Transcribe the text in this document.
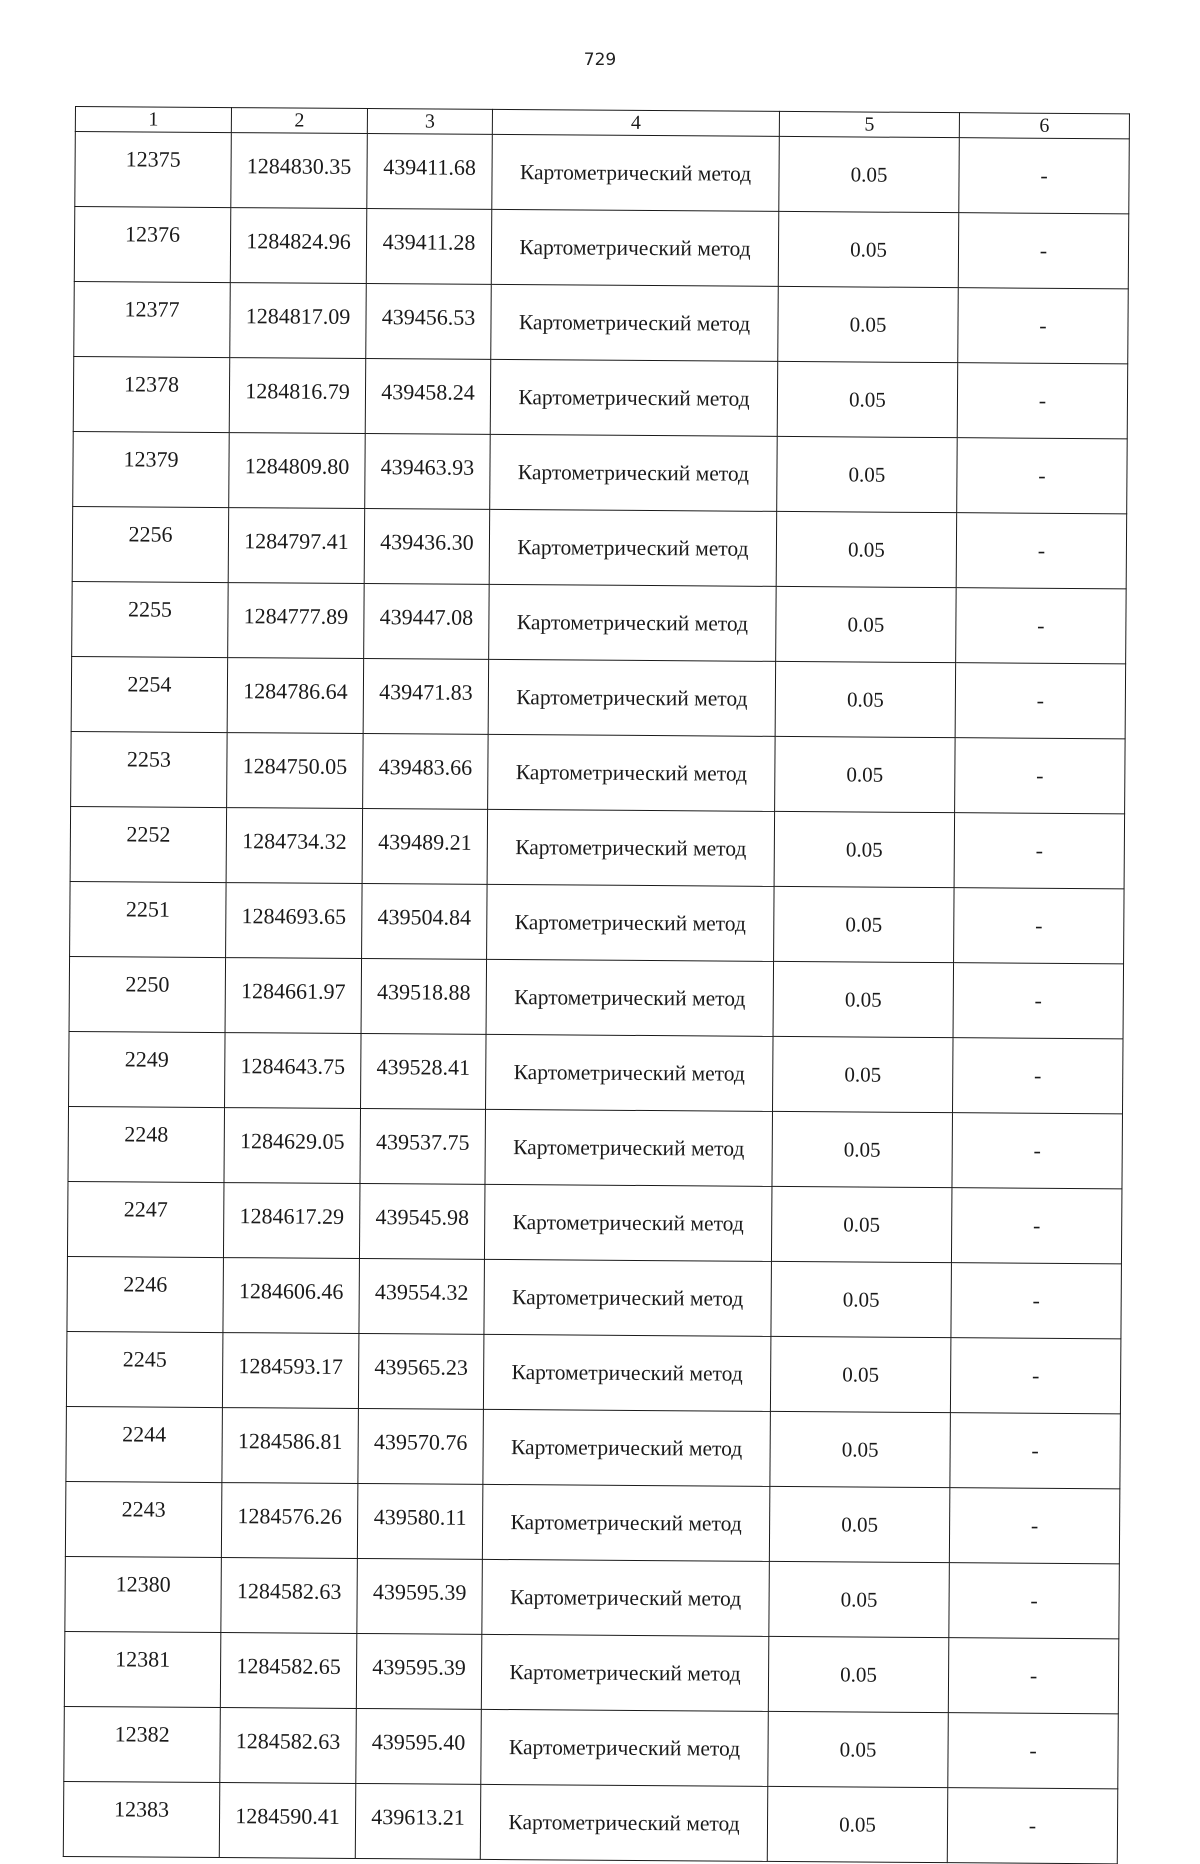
729
1	2	3	4	5	6
12375	1284830.35	439411.68	Картометрический метод	0.05	-
12376	1284824.96	439411.28	Картометрический метод	0.05	-
12377	1284817.09	439456.53	Картометрический метод	0.05	-
12378	1284816.79	439458.24	Картометрический метод	0.05	-
12379	1284809.80	439463.93	Картометрический метод	0.05	-
2256	1284797.41	439436.30	Картометрический метод	0.05	-
2255	1284777.89	439447.08	Картометрический метод	0.05	-
2254	1284786.64	439471.83	Картометрический метод	0.05	-
2253	1284750.05	439483.66	Картометрический метод	0.05	-
2252	1284734.32	439489.21	Картометрический метод	0.05	-
2251	1284693.65	439504.84	Картометрический метод	0.05	-
2250	1284661.97	439518.88	Картометрический метод	0.05	-
2249	1284643.75	439528.41	Картометрический метод	0.05	-
2248	1284629.05	439537.75	Картометрический метод	0.05	-
2247	1284617.29	439545.98	Картометрический метод	0.05	-
2246	1284606.46	439554.32	Картометрический метод	0.05	-
2245	1284593.17	439565.23	Картометрический метод	0.05	-
2244	1284586.81	439570.76	Картометрический метод	0.05	-
2243	1284576.26	439580.11	Картометрический метод	0.05	-
12380	1284582.63	439595.39	Картометрический метод	0.05	-
12381	1284582.65	439595.39	Картометрический метод	0.05	-
12382	1284582.63	439595.40	Картометрический метод	0.05	-
12383	1284590.41	439613.21	Картометрический метод	0.05	-
